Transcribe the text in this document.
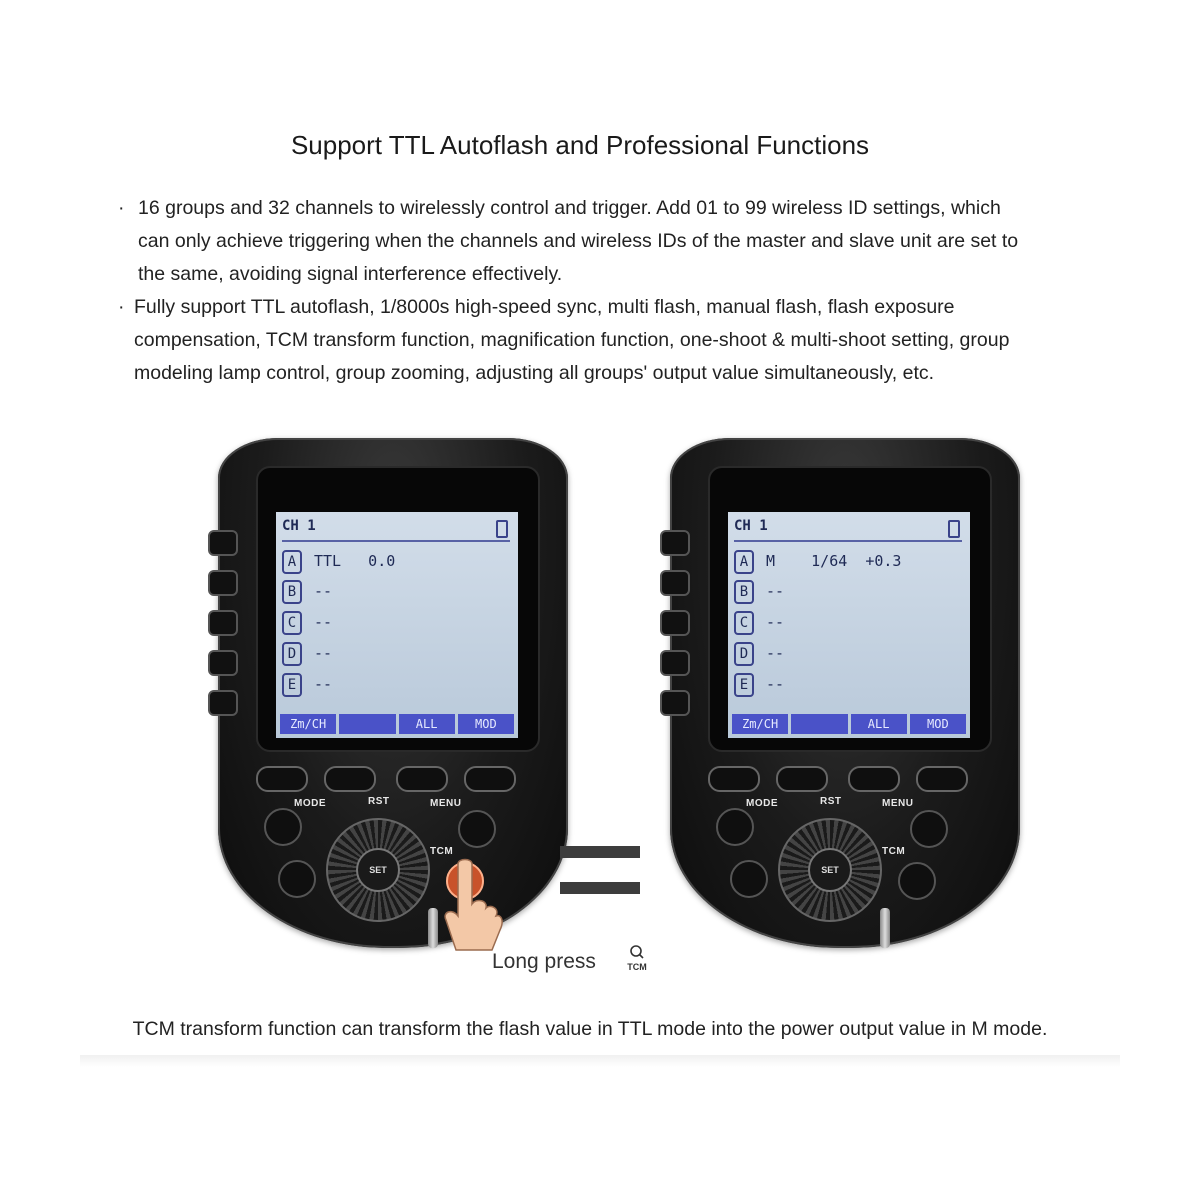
Support TTL Autoflash and Professional Functions
· 16 groups and 32 channels to wirelessly control and trigger. Add 01 to 99 wireless ID settings, which
can only achieve triggering when the channels and wireless IDs of the master and slave unit are set to
the same, avoiding signal interference effectively.
· Fully support TTL autoflash, 1/8000s high-speed sync, multi flash, manual flash, flash exposure
compensation, TCM transform function, magnification function, one-shoot & multi-shoot setting, group
modeling lamp control, group zooming, adjusting all groups' output value simultaneously, etc.
CH 1
A TTL   0.0
B --
C --
D --
E --
Zm/CH	ALL	MOD
MODE	RST	MENU
TCM
SET
Long press	TCM
CH 1
A M    1/64  +0.3
B --
C --
D --
E --
Zm/CH	ALL	MOD
MODE	RST	MENU
TCM
SET
TCM transform function can transform the flash value in TTL mode into the power output value in M mode.
